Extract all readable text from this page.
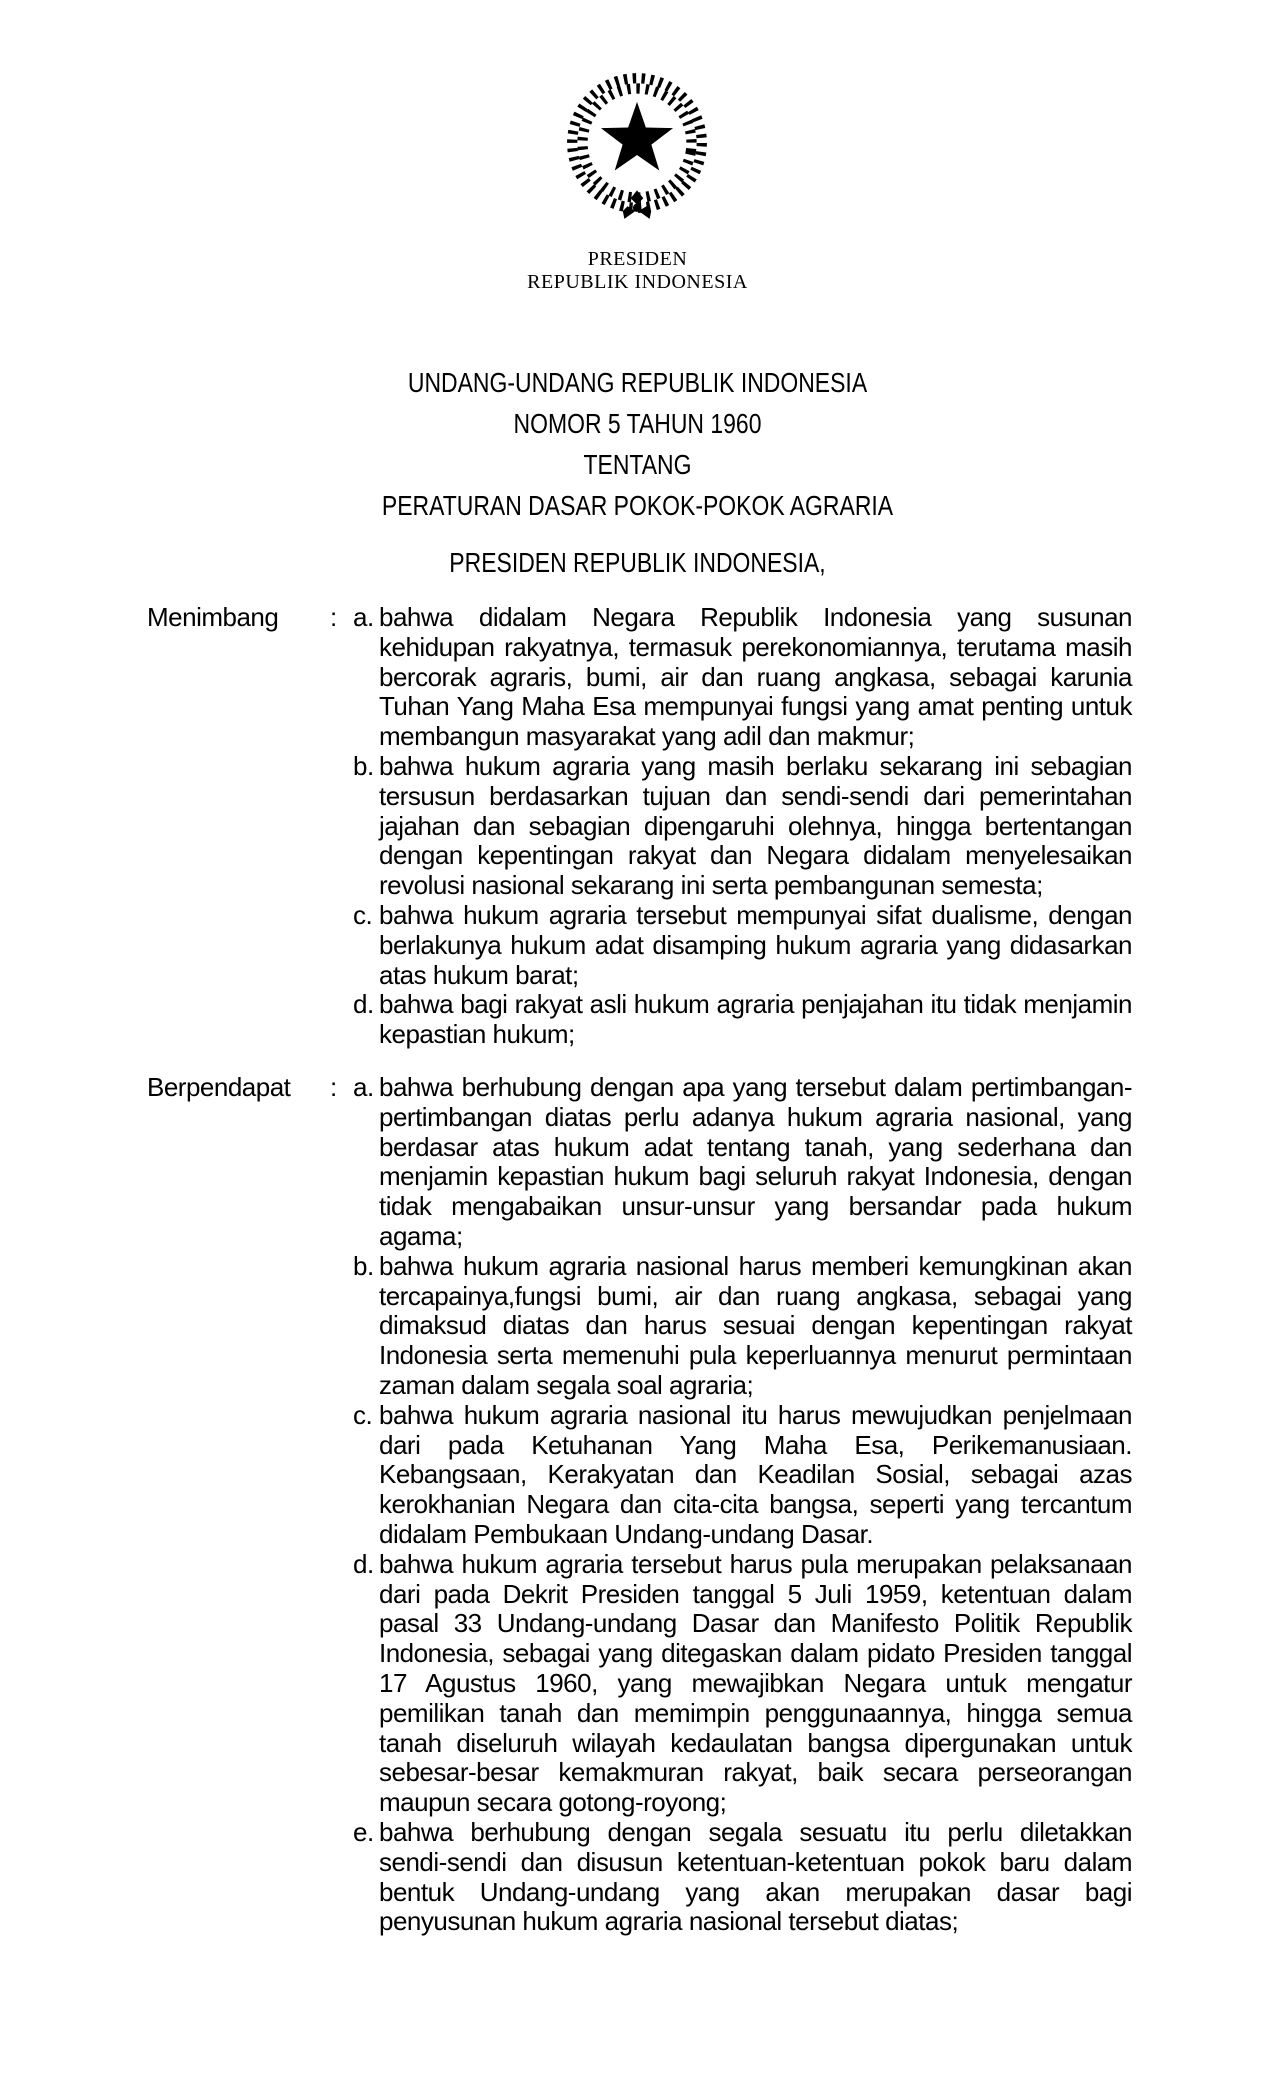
PRESIDEN
REPUBLIK INDONESIA
UNDANG-UNDANG REPUBLIK INDONESIA
NOMOR 5 TAHUN 1960
TENTANG
PERATURAN DASAR POKOK-POKOK AGRARIA
PRESIDEN REPUBLIK INDONESIA,
Menimbang	: a. bahwa didalam Negara Republik Indonesia yang susunan kehidupan rakyatnya, termasuk perekonomiannya, terutama masih bercorak agraris, bumi, air dan ruang angkasa, sebagai karunia Tuhan Yang Maha Esa mempunyai fungsi yang amat penting untuk membangun masyarakat yang adil dan makmur;
b. bahwa hukum agraria yang masih berlaku sekarang ini sebagian tersusun berdasarkan tujuan dan sendi-sendi dari pemerintahan jajahan dan sebagian dipengaruhi olehnya, hingga bertentangan dengan kepentingan rakyat dan Negara didalam menyelesaikan revolusi nasional sekarang ini serta pembangunan semesta;
c. bahwa hukum agraria tersebut mempunyai sifat dualisme, dengan berlakunya hukum adat disamping hukum agraria yang didasarkan atas hukum barat;
d. bahwa bagi rakyat asli hukum agraria penjajahan itu tidak menjamin kepastian hukum;
Berpendapat	: a. bahwa berhubung dengan apa yang tersebut dalam pertimbangan-pertimbangan diatas perlu adanya hukum agraria nasional, yang berdasar atas hukum adat tentang tanah, yang sederhana dan menjamin kepastian hukum bagi seluruh rakyat Indonesia, dengan tidak mengabaikan unsur-unsur yang bersandar pada hukum agama;
b. bahwa hukum agraria nasional harus memberi kemungkinan akan tercapainya,fungsi bumi, air dan ruang angkasa, sebagai yang dimaksud diatas dan harus sesuai dengan kepentingan rakyat Indonesia serta memenuhi pula keperluannya menurut permintaan zaman dalam segala soal agraria;
c. bahwa hukum agraria nasional itu harus mewujudkan penjelmaan dari pada Ketuhanan Yang Maha Esa, Perikemanusiaan. Kebangsaan, Kerakyatan dan Keadilan Sosial, sebagai azas kerokhanian Negara dan cita-cita bangsa, seperti yang tercantum didalam Pembukaan Undang-undang Dasar.
d. bahwa hukum agraria tersebut harus pula merupakan pelaksanaan dari pada Dekrit Presiden tanggal 5 Juli 1959, ketentuan dalam pasal 33 Undang-undang Dasar dan Manifesto Politik Republik Indonesia, sebagai yang ditegaskan dalam pidato Presiden tanggal 17 Agustus 1960, yang mewajibkan Negara untuk mengatur pemilikan tanah dan memimpin penggunaannya, hingga semua tanah diseluruh wilayah kedaulatan bangsa dipergunakan untuk sebesar-besar kemakmuran rakyat, baik secara perseorangan maupun secara gotong-royong;
e. bahwa berhubung dengan segala sesuatu itu perlu diletakkan sendi-sendi dan disusun ketentuan-ketentuan pokok baru dalam bentuk Undang-undang yang akan merupakan dasar bagi penyusunan hukum agraria nasional tersebut diatas;
